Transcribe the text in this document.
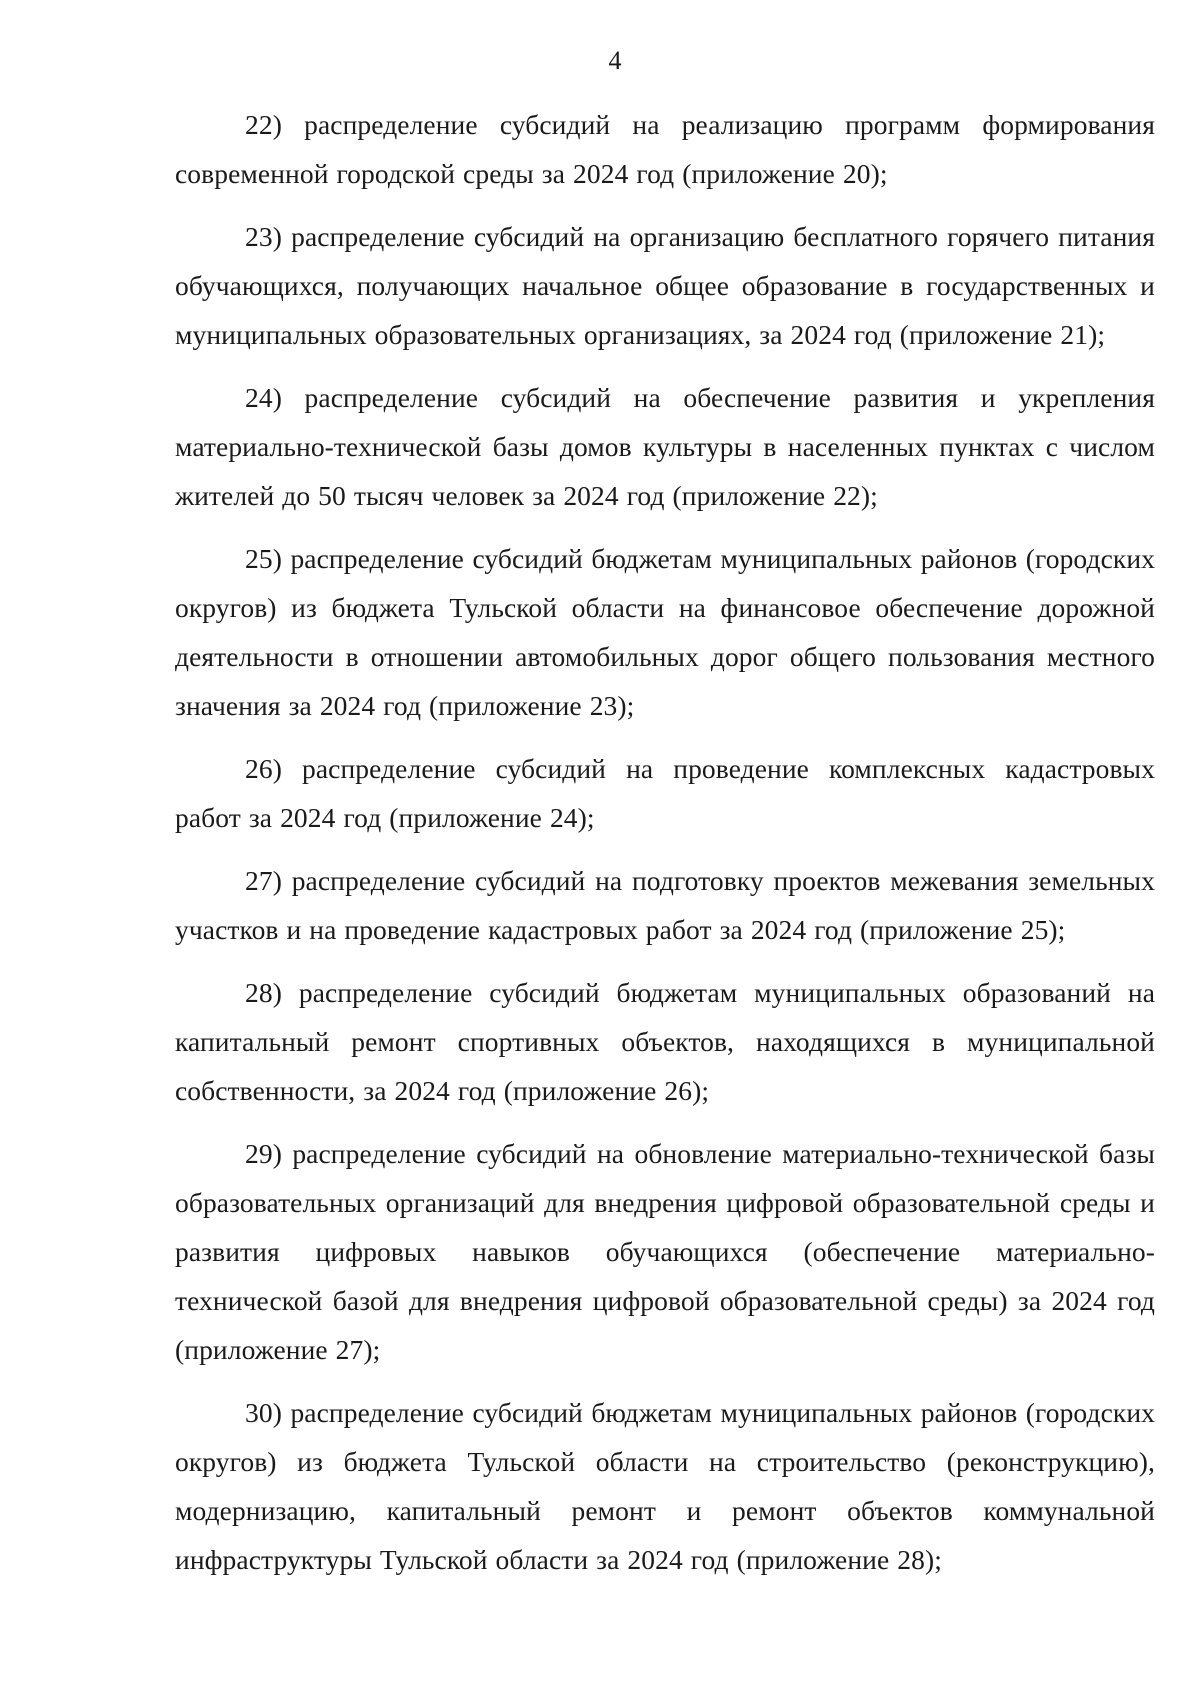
4

22) распределение субсидий на реализацию программ формирования современной городской среды за 2024 год (приложение 20);

23) распределение субсидий на организацию бесплатного горячего питания обучающихся, получающих начальное общее образование в государственных и муниципальных образовательных организациях, за 2024 год (приложение 21);

24) распределение субсидий на обеспечение развития и укрепления материально-технической базы домов культуры в населенных пунктах с числом жителей до 50 тысяч человек за 2024 год (приложение 22);

25) распределение субсидий бюджетам муниципальных районов (городских округов) из бюджета Тульской области на финансовое обеспечение дорожной деятельности в отношении автомобильных дорог общего пользования местного значения за 2024 год (приложение 23);

26) распределение субсидий на проведение комплексных кадастровых работ за 2024 год (приложение 24);

27) распределение субсидий на подготовку проектов межевания земельных участков и на проведение кадастровых работ за 2024 год (приложение 25);

28) распределение субсидий бюджетам муниципальных образований на капитальный ремонт спортивных объектов, находящихся в муниципальной собственности, за 2024 год (приложение 26);

29) распределение субсидий на обновление материально-технической базы образовательных организаций для внедрения цифровой образовательной среды и развития цифровых навыков обучающихся (обеспечение материально-технической базой для внедрения цифровой образовательной среды) за 2024 год (приложение 27);

30) распределение субсидий бюджетам муниципальных районов (городских округов) из бюджета Тульской области на строительство (реконструкцию), модернизацию, капитальный ремонт и ремонт объектов коммунальной инфраструктуры Тульской области за 2024 год (приложение 28);
